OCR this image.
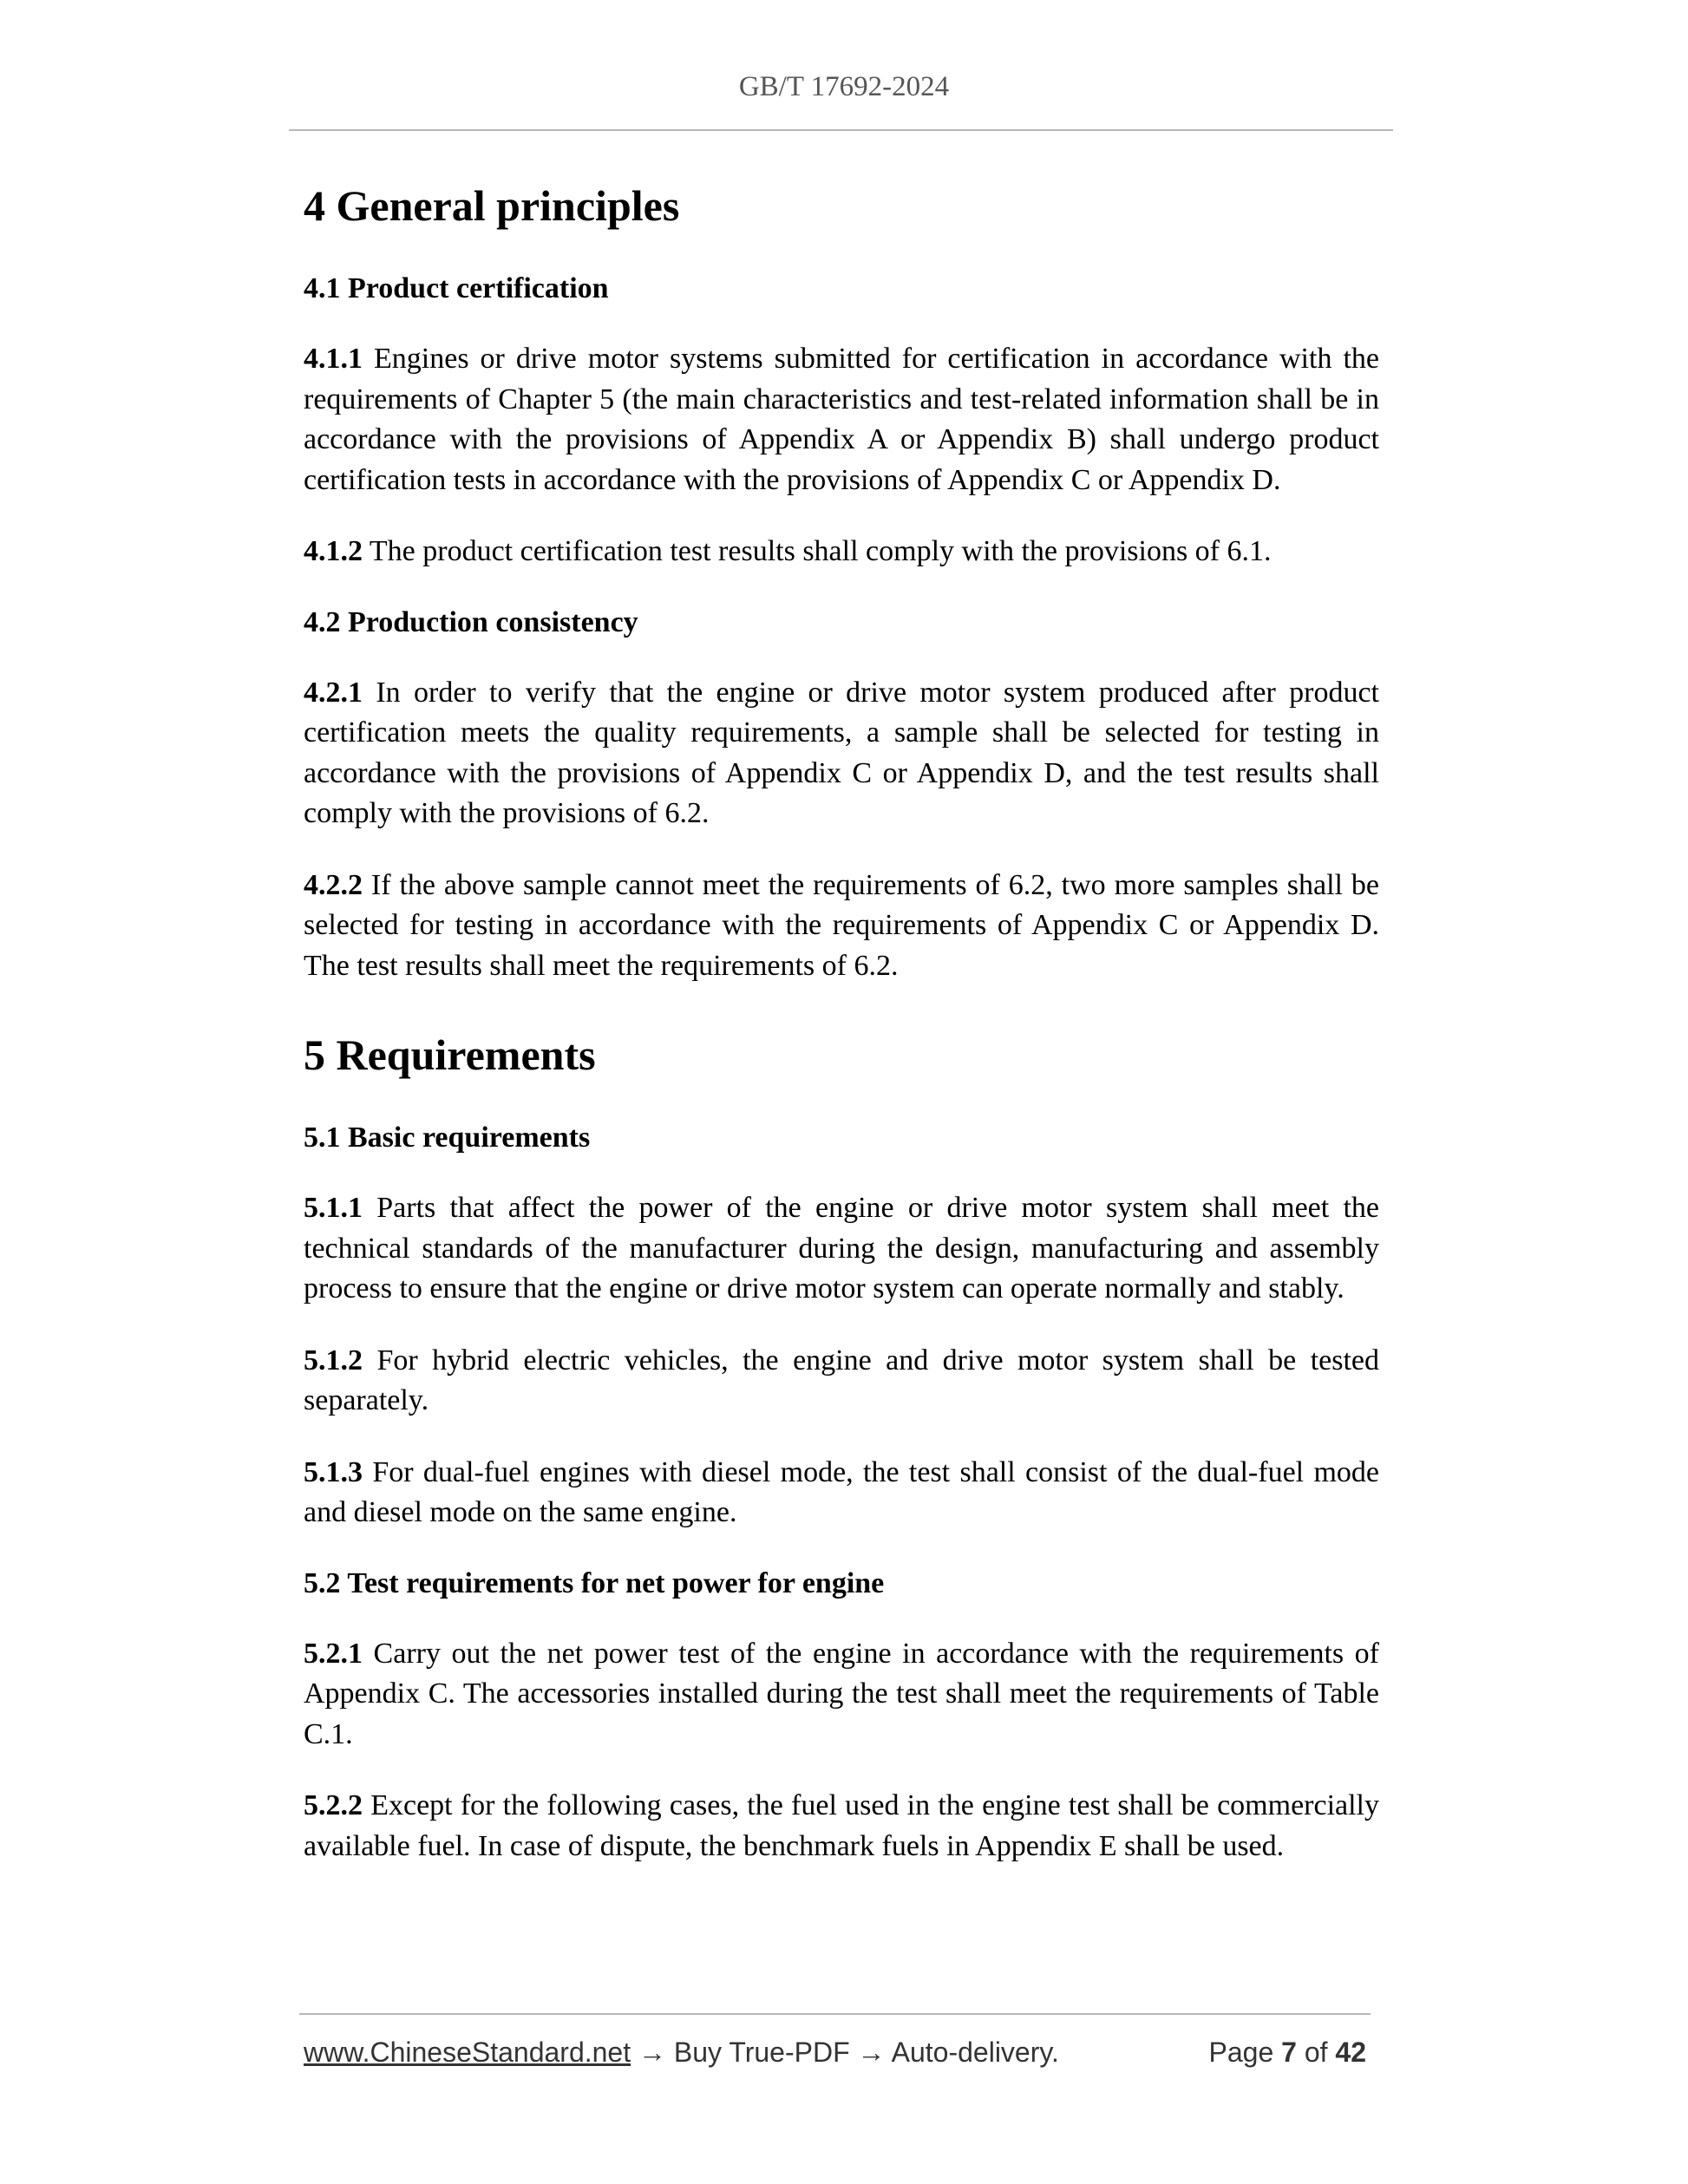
GB/T 17692-2024
4 General principles
4.1 Product certification

4.1.1 Engines or drive motor systems submitted for certification in accordance with the requirements of Chapter 5 (the main characteristics and test-related information shall be in accordance with the provisions of Appendix A or Appendix B) shall undergo product certification tests in accordance with the provisions of Appendix C or Appendix D.

4.1.2 The product certification test results shall comply with the provisions of 6.1.

4.2 Production consistency

4.2.1 In order to verify that the engine or drive motor system produced after product certification meets the quality requirements, a sample shall be selected for testing in accordance with the provisions of Appendix C or Appendix D, and the test results shall comply with the provisions of 6.2.

4.2.2 If the above sample cannot meet the requirements of 6.2, two more samples shall be selected for testing in accordance with the requirements of Appendix C or Appendix D. The test results shall meet the requirements of 6.2.

5 Requirements
5.1 Basic requirements

5.1.1 Parts that affect the power of the engine or drive motor system shall meet the technical standards of the manufacturer during the design, manufacturing and assembly process to ensure that the engine or drive motor system can operate normally and stably.

5.1.2 For hybrid electric vehicles, the engine and drive motor system shall be tested separately.

5.1.3 For dual-fuel engines with diesel mode, the test shall consist of the dual-fuel mode and diesel mode on the same engine.

5.2 Test requirements for net power for engine

5.2.1 Carry out the net power test of the engine in accordance with the requirements of Appendix C. The accessories installed during the test shall meet the requirements of Table C.1.

5.2.2 Except for the following cases, the fuel used in the engine test shall be commercially available fuel. In case of dispute, the benchmark fuels in Appendix E shall be used.

www.ChineseStandard.net → Buy True-PDF → Auto-delivery.	Page 7 of 42
